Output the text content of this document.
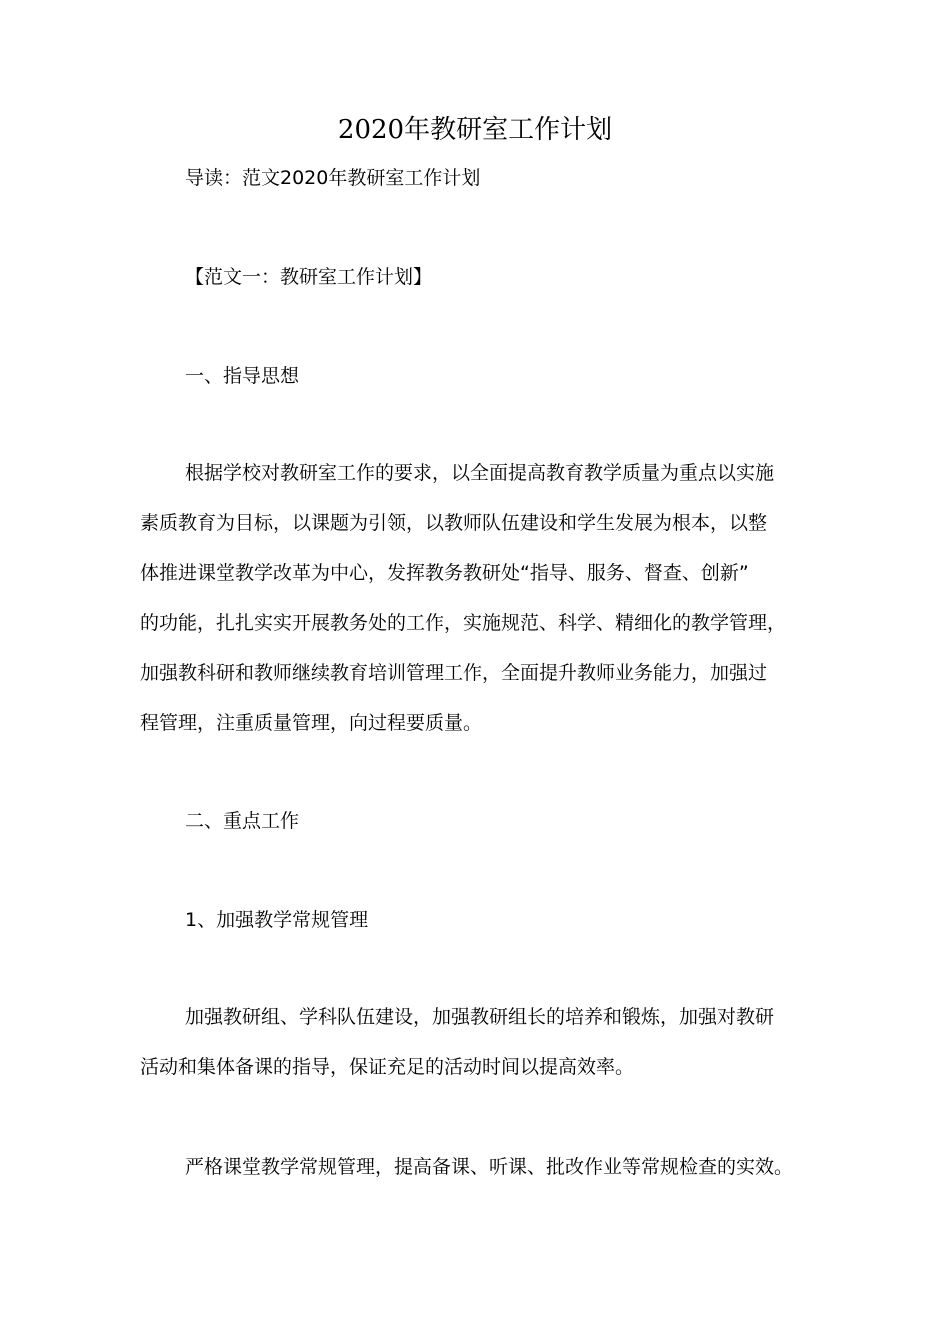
2020年教研室工作计划
导读：范文2020年教研室工作计划
【范文一：教研室工作计划】
一、指导思想
根据学校对教研室工作的要求，以全面提高教育教学质量为重点以实施
素质教育为目标，以课题为引领，以教师队伍建设和学生发展为根本，以整
体推进课堂教学改革为中心，发挥教务教研处“指导、服务、督查、创新”
的功能，扎扎实实开展教务处的工作，实施规范、科学、精细化的教学管理，
加强教科研和教师继续教育培训管理工作，全面提升教师业务能力，加强过
程管理，注重质量管理，向过程要质量。
二、重点工作
1、加强教学常规管理
加强教研组、学科队伍建设，加强教研组长的培养和锻炼，加强对教研
活动和集体备课的指导，保证充足的活动时间以提高效率。
严格课堂教学常规管理，提高备课、听课、批改作业等常规检查的实效。
